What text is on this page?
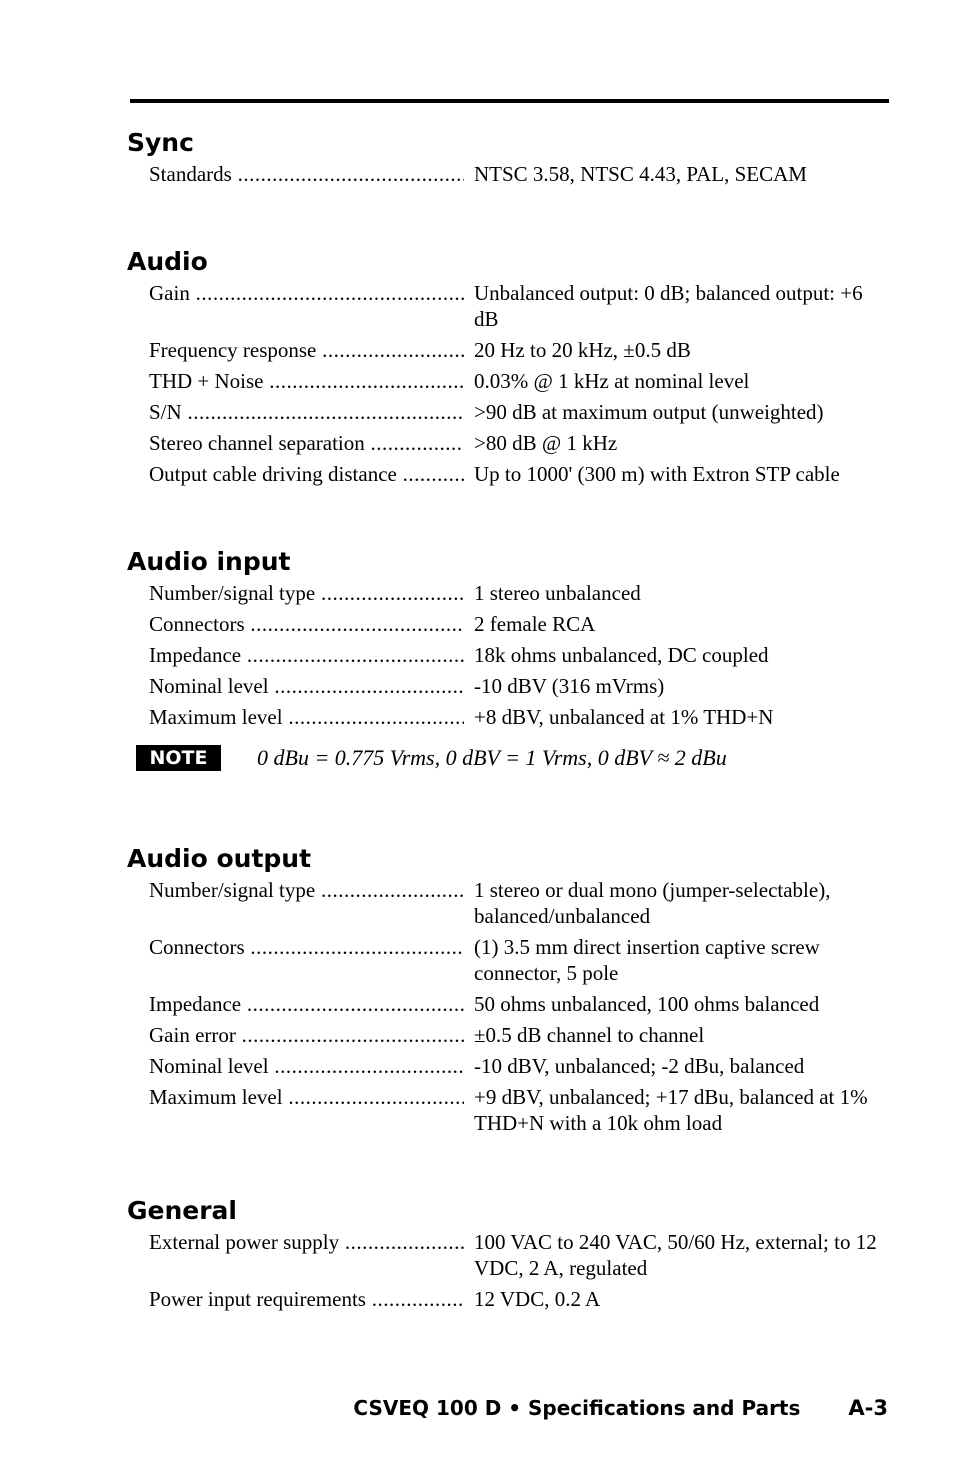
Sync
Standards .....	NTSC 3.58, NTSC 4.43, PAL, SECAM
Audio
Gain .....	Unbalanced output: 0 dB; balanced output: +6 dB
Frequency response .....	20 Hz to 20 kHz, ±0.5 dB
THD + Noise .....	0.03% @ 1 kHz at nominal level
S/N .....	>90 dB at maximum output (unweighted)
Stereo channel separation .....	>80 dB @ 1 kHz
Output cable driving distance .....	Up to 1000' (300 m) with Extron STP cable
Audio input
Number/signal type .....	1 stereo unbalanced
Connectors .....	2 female RCA
Impedance .....	18k ohms unbalanced, DC coupled
Nominal level .....	-10 dBV (316 mVrms)
Maximum level .....	+8 dBV, unbalanced at 1% THD+N
NOTE	0 dBu = 0.775 Vrms, 0 dBV = 1 Vrms, 0 dBV ≈ 2 dBu
Audio output
Number/signal type .....	1 stereo or dual mono (jumper-selectable), balanced/unbalanced
Connectors .....	(1) 3.5 mm direct insertion captive screw connector, 5 pole
Impedance .....	50 ohms unbalanced, 100 ohms balanced
Gain error .....	±0.5 dB channel to channel
Nominal level .....	-10 dBV, unbalanced; -2 dBu, balanced
Maximum level .....	+9 dBV, unbalanced; +17 dBu, balanced at 1% THD+N with a 10k ohm load
General
External power supply .....	100 VAC to 240 VAC, 50/60 Hz, external; to 12 VDC, 2 A, regulated
Power input requirements .....	12 VDC, 0.2 A
CSVEQ 100 D • Specifications and Parts A-3
